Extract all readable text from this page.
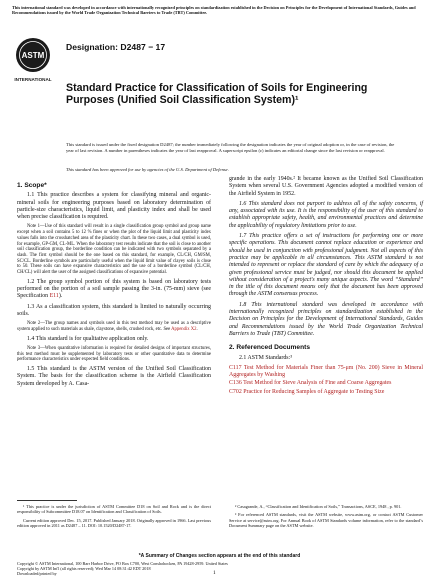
This international standard was developed in accordance with internationally recognized principles on standardization established in the Decision on Principles for the Development of International Standards, Guides and Recommendations issued by the World Trade Organization Technical Barriers to Trade (TBT) Committee.
ASTM
INTERNATIONAL
Designation: D2487 − 17
Standard Practice for Classification of Soils for Engineering Purposes (Unified Soil Classification System)¹
This standard is issued under the fixed designation D2487; the number immediately following the designation indicates the year of original adoption or, in the case of revision, the year of last revision. A number in parentheses indicates the year of last reapproval. A superscript epsilon (ε) indicates an editorial change since the last revision or reapproval.
This standard has been approved for use by agencies of the U.S. Department of Defense.
1. Scope*

1.1 This practice describes a system for classifying mineral and organic-mineral soils for engineering purposes based on laboratory determination of particle-size characteristics, liquid limit, and plasticity index and shall be used when precise classification is required.

Note 1—Use of this standard will result in a single classification group symbol and group name except when a soil contains 5 to 12 % fines or when the plot of the liquid limit and plasticity index values falls into the crosshatched area of the plasticity chart. In these two cases, a dual symbol is used, for example, GP-GM, CL-ML. When the laboratory test results indicate that the soil is close to another soil classification group, the borderline condition can be indicated with two symbols separated by a slash. The first symbol should be the one based on this standard, for example, CL/CH, GM/SM, SC/CL. Borderline symbols are particularly useful when the liquid limit value of clayey soils is close to 50. These soils can have expansive characteristics and the use of a borderline symbol (CL/CH, CH/CL) will alert the user of the assigned classifications of expansive potential.

1.2 The group symbol portion of this system is based on laboratory tests performed on the portion of a soil sample passing the 3-in. (75-mm) sieve (see Specification E11).

1.3 As a classification system, this standard is limited to naturally occurring soils.

Note 2—The group names and symbols used in this test method may be used as a descriptive system applied to such materials as shale, claystone, shells, crushed rock, etc. See Appendix X2.

1.4 This standard is for qualitative application only.

Note 3—When quantitative information is required for detailed designs of important structures, this test method must be supplemented by laboratory tests or other quantitative data to determine performance characteristics under expected field conditions.

1.5 This standard is the ASTM version of the Unified Soil Classification System. The basis for the classification scheme is the Airfield Classification System developed by A. Casa-

grande in the early 1940s.² It became known as the Unified Soil Classification System when several U.S. Government Agencies adopted a modified version of the Airfield System in 1952.

1.6 This standard does not purport to address all of the safety concerns, if any, associated with its use. It is the responsibility of the user of this standard to establish appropriate safety, health, and environmental practices and determine the applicability of regulatory limitations prior to use.

1.7 This practice offers a set of instructions for performing one or more specific operations. This document cannot replace education or experience and should be used in conjunction with professional judgment. Not all aspects of this practice may be applicable in all circumstances. This ASTM standard is not intended to represent or replace the standard of care by which the adequacy of a given professional service must be judged, nor should this document be applied without consideration of a project's many unique aspects. The word “Standard” in the title of this document means only that the document has been approved through the ASTM consensus process.

1.8 This international standard was developed in accordance with internationally recognized principles on standardization established in the Decision on Principles for the Development of International Standards, Guides and Recommendations issued by the World Trade Organization Technical Barriers to Trade (TBT) Committee.

2. Referenced Documents

2.1 ASTM Standards:³

C117 Test Method for Materials Finer than 75-μm (No. 200) Sieve in Mineral Aggregates by Washing
C136 Test Method for Sieve Analysis of Fine and Coarse Aggregates
C702 Practice for Reducing Samples of Aggregate to Testing Size

¹ This practice is under the jurisdiction of ASTM Committee D18 on Soil and Rock and is the direct responsibility of Subcommittee D18.07 on Identification and Classification of Soils.

Current edition approved Dec. 15, 2017. Published January 2018. Originally approved in 1966. Last previous edition approved in 2011 as D2487 – 11. DOI: 10.1520/D2487-17.

² Casagrande, A., “Classification and Identification of Soils,” Transactions, ASCE, 1948 , p. 901.

³ For referenced ASTM standards, visit the ASTM website, www.astm.org, or contact ASTM Customer Service at service@astm.org. For Annual Book of ASTM Standards volume information, refer to the standard’s Document Summary page on the ASTM website.

*A Summary of Changes section appears at the end of this standard
Copyright © ASTM International, 100 Barr Harbor Drive, PO Box C700, West Conshohocken, PA 19428-2959. United States
Copyright by ASTM Int'l (all rights reserved); Wed Mar 14 08:31:42 EDT 2018
Downloaded/printed by	1
